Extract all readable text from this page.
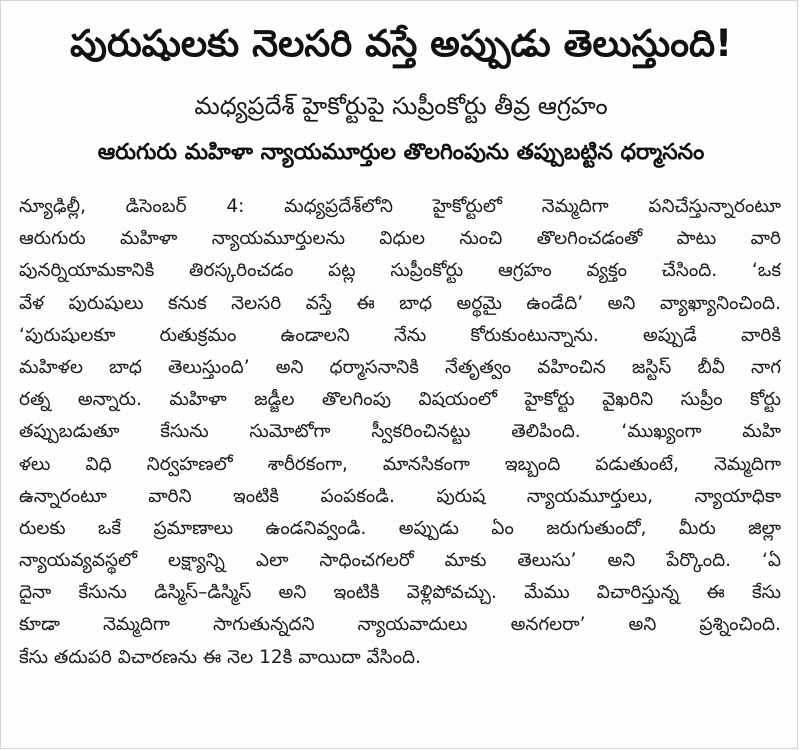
పురుషులకు నెలసరి వస్తే అప్పుడు తెలుస్తుంది!
మధ్యప్రదేశ్ హైకోర్టుపై సుప్రీంకోర్టు తీవ్ర ఆగ్రహం
ఆరుగురు మహిళా న్యాయమూర్తుల తొలగింపును తప్పుబట్టిన ధర్మాసనం
న్యూఢిల్లీ, డిసెంబర్ 4: మధ్యప్రదేశ్‌లోని హైకోర్టులో నెమ్మదిగా పనిచేస్తున్నారంటూ
ఆరుగురు మహిళా న్యాయమూర్తులను విధుల నుంచి తొలగించడంతో పాటు వారి
పునర్నియామకానికి తిరస్కరించడం పట్ల సుప్రీంకోర్టు ఆగ్రహం వ్యక్తం చేసింది. ‘ఒక
వేళ పురుషులు కనుక నెలసరి వస్తే ఈ బాధ అర్థమై ఉండేది’ అని వ్యాఖ్యానించింది.
‘పురుషులకూ రుతుక్రమం ఉండాలని నేను కోరుకుంటున్నాను. అప్పుడే వారికి
మహిళల బాధ తెలుస్తుంది’ అని ధర్మాసనానికి నేతృత్వం వహించిన జస్టిస్ బీవీ నాగ
రత్న అన్నారు. మహిళా జడ్జీల తొలగింపు విషయంలో హైకోర్టు వైఖరిని సుప్రీం కోర్టు
తప్పుబడుతూ కేసును సుమోటోగా స్వీకరించినట్టు తెలిపింది. ‘ముఖ్యంగా మహి
ళలు విధి నిర్వహణలో శారీరకంగా, మానసికంగా ఇబ్బంది పడుతుంటే, నెమ్మదిగా
ఉన్నారంటూ వారిని ఇంటికి పంపకండి. పురుష న్యాయమూర్తులు, న్యాయాధికా
రులకు ఒకే ప్రమాణాలు ఉండనివ్వండి. అప్పుడు ఏం జరుగుతుందో, మీరు జిల్లా
న్యాయవ్యవస్థలో లక్ష్యాన్ని ఎలా సాధించగలరో మాకు తెలుసు’ అని పేర్కొంది. ‘ఏ
దైనా కేసును డిస్మిస్–డిస్మిస్ అని ఇంటికి వెళ్లిపోవచ్చు. మేము విచారిస్తున్న ఈ కేసు
కూడా నెమ్మదిగా సాగుతున్నదని న్యాయవాదులు అనగలరా’ అని ప్రశ్నించింది.
కేసు తదుపరి విచారణను ఈ నెల 12కి వాయిదా వేసింది.
